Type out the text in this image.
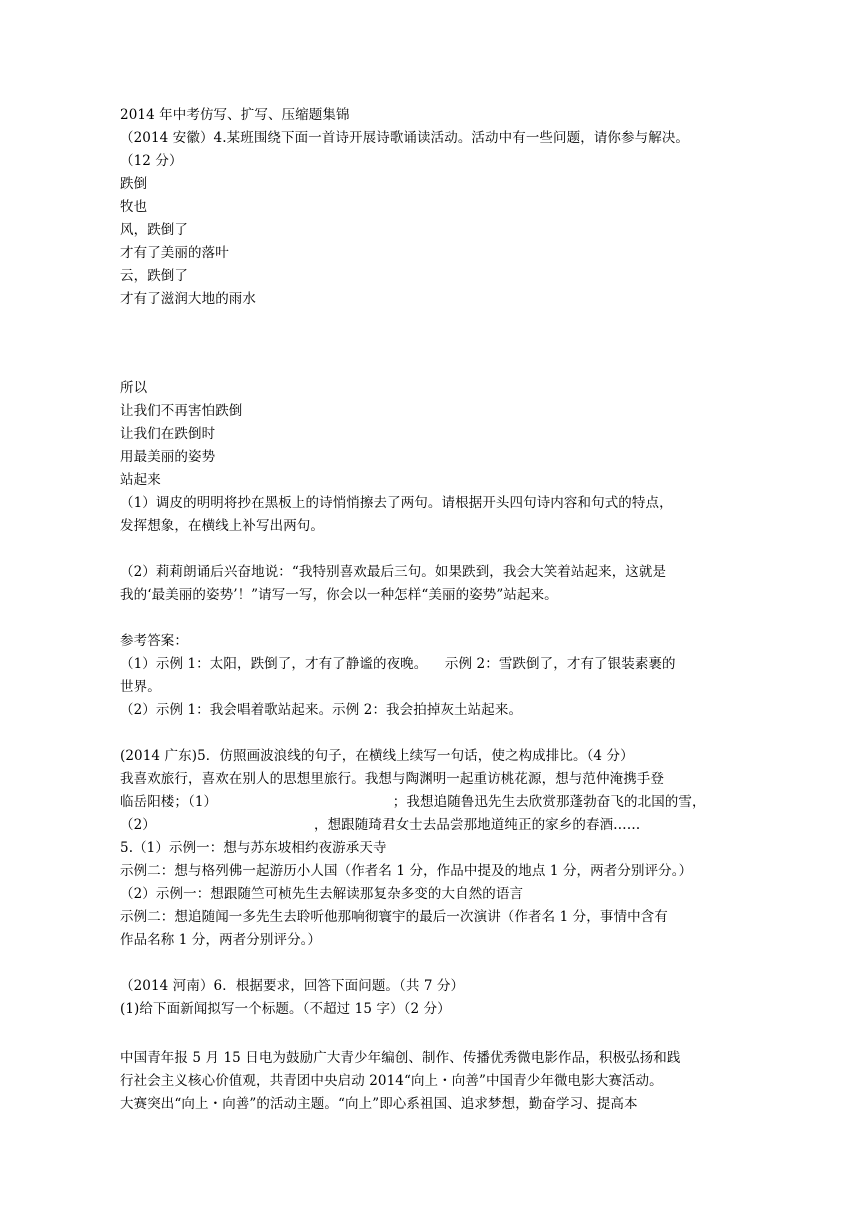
2014 年中考仿写、扩写、压缩题集锦
（2014 安徽）4.某班围绕下面一首诗开展诗歌诵读活动。活动中有一些问题，请你参与解决。
（12 分）
跌倒
牧也
风，跌倒了
才有了美丽的落叶
云，跌倒了
才有了滋润大地的雨水
所以
让我们不再害怕跌倒
让我们在跌倒时
用最美丽的姿势
站起来
（1）调皮的明明将抄在黑板上的诗悄悄擦去了两句。请根据开头四句诗内容和句式的特点，
发挥想象，在横线上补写出两句。
（2）莉莉朗诵后兴奋地说：“我特别喜欢最后三句。如果跌到，我会大笑着站起来，这就是
我的‘最美丽的姿势’！”请写一写，你会以一种怎样“美丽的姿势”站起来。
参考答案：
（1）示例 1：太阳，跌倒了，才有了静谧的夜晚。    示例 2：雪跌倒了，才有了银装素裹的
世界。
（2）示例 1：我会唱着歌站起来。示例 2：我会拍掉灰土站起来。
(2014 广东)5．仿照画波浪线的句子，在横线上续写一句话，使之构成排比。（4 分）
我喜欢旅行，喜欢在别人的思想里旅行。我想与陶渊明一起重访桃花源，想与范仲淹携手登
临岳阳楼；（1）                                        ；我想追随鲁迅先生去欣赏那蓬勃奋飞的北国的雪，
（2）                                    ，想跟随琦君女士去品尝那地道纯正的家乡的春酒……
5.（1）示例一：想与苏东坡相约夜游承天寺
示例二：想与格列佛一起游历小人国（作者名 1 分，作品中提及的地点 1 分，两者分别评分。）
（2）示例一：想跟随竺可桢先生去解读那复杂多变的大自然的语言
示例二：想追随闻一多先生去聆听他那响彻寰宇的最后一次演讲（作者名 1 分，事情中含有
作品名称 1 分，两者分别评分。）
（2014 河南）6．根据要求，回答下面问题。（共 7 分）
(1)给下面新闻拟写一个标题。（不超过 15 字）（2 分）
中国青年报 5 月 15 日电为鼓励广大青少年编创、制作、传播优秀微电影作品，积极弘扬和践
行社会主义核心价值观，共青团中央启动 2014“向上・向善”中国青少年微电影大赛活动。
大赛突出“向上・向善”的活动主题。“向上”即心系祖国、追求梦想，勤奋学习、提高本
